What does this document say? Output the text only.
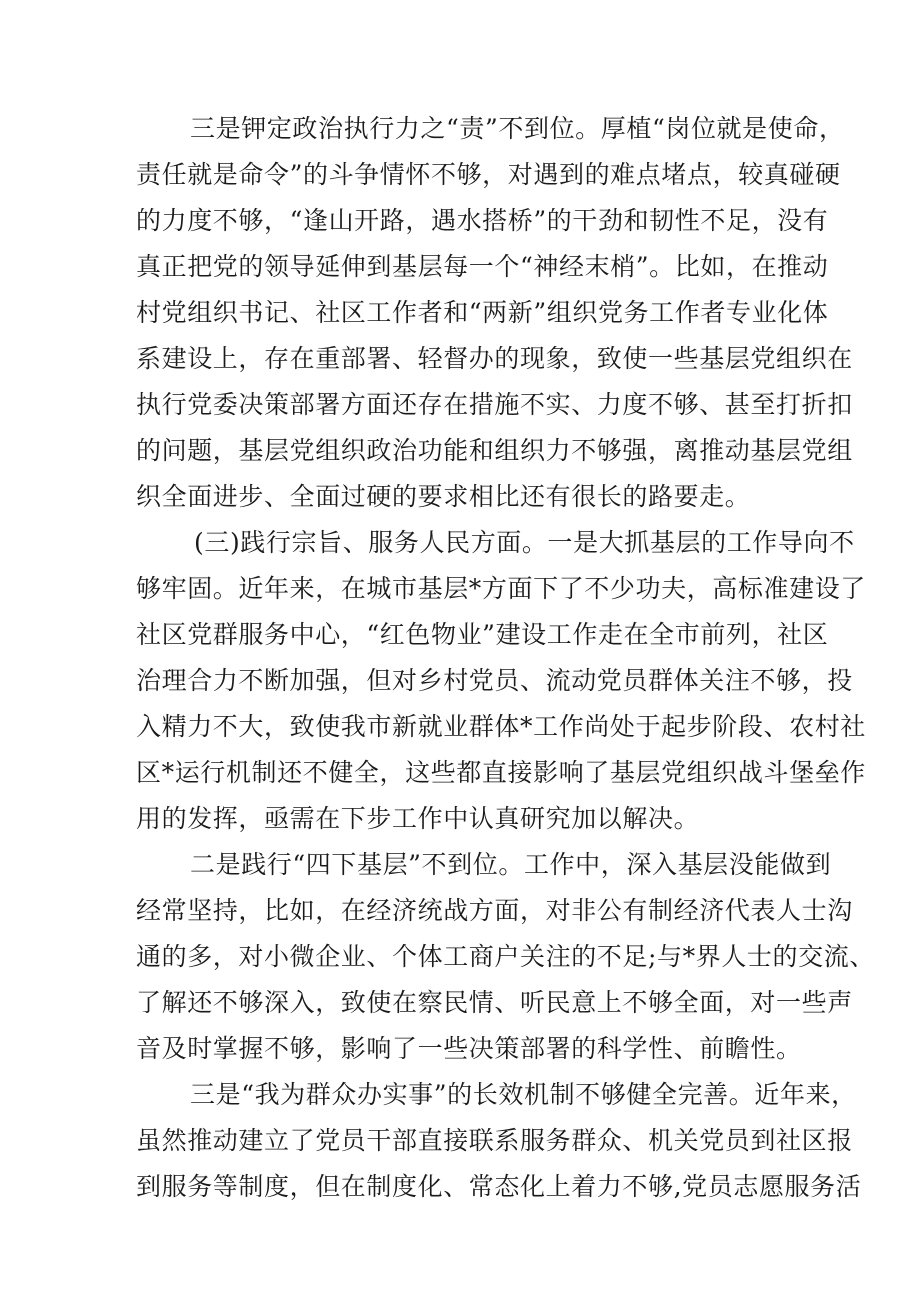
三是钾定政治执行力之“责”不到位。厚植“岗位就是使命，
责任就是命令”的斗争情怀不够，对遇到的难点堵点，较真碰硬
的力度不够，“逢山开路，遇水搭桥”的干劲和韧性不足，没有
真正把党的领导延伸到基层每一个“神经末梢”。比如，在推动
村党组织书记、社区工作者和“两新”组织党务工作者专业化体
系建设上，存在重部署、轻督办的现象，致使一些基层党组织在
执行党委决策部署方面还存在措施不实、力度不够、甚至打折扣
的问题，基层党组织政治功能和组织力不够强，离推动基层党组
织全面进步、全面过硬的要求相比还有很长的路要走。
(三)践行宗旨、服务人民方面。一是大抓基层的工作导向不
够牢固。近年来，在城市基层*方面下了不少功夫，高标准建设了
社区党群服务中心，“红色物业”建设工作走在全市前列，社区
治理合力不断加强，但对乡村党员、流动党员群体关注不够，投
入精力不大，致使我市新就业群体*工作尚处于起步阶段、农村社
区*运行机制还不健全，这些都直接影响了基层党组织战斗堡垒作
用的发挥，亟需在下步工作中认真研究加以解决。
二是践行“四下基层”不到位。工作中，深入基层没能做到
经常坚持，比如，在经济统战方面，对非公有制经济代表人士沟
通的多，对小微企业、个体工商户关注的不足;与*界人士的交流、
了解还不够深入，致使在察民情、听民意上不够全面，对一些声
音及时掌握不够，影响了一些决策部署的科学性、前瞻性。
三是“我为群众办实事”的长效机制不够健全完善。近年来，
虽然推动建立了党员干部直接联系服务群众、机关党员到社区报
到服务等制度，但在制度化、常态化上着力不够,党员志愿服务活
